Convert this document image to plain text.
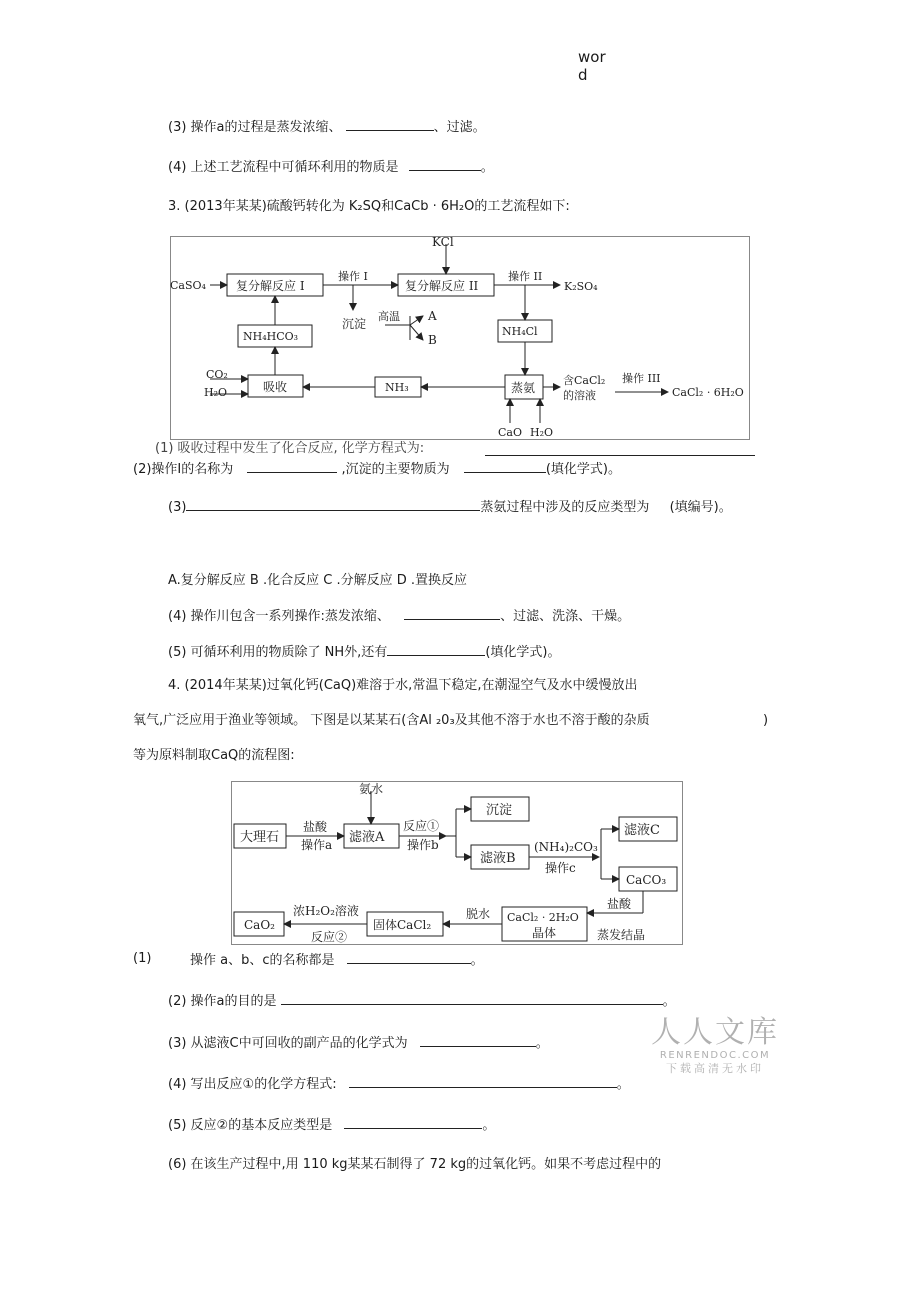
wor
d
(3) 操作a的过程是蒸发浓缩、	、过滤。
(4) 上述工艺流程中可循环利用的物质是	。
3. (2013年某某)硫酸钙转化为 K₂SQ和CaCb · 6H₂O的工艺流程如下:
KCl
CaSO₄	复分解反应 I
操作 I
复分解反应 II
操作 II
K₂SO₄
沉淀
高温 A
B
NH₄HCO₃	NH₄Cl
CO₂
H₂O	吸收	NH₃	蒸氨
含CaCl₂
的溶液
操作 III
CaCl₂ · 6H₂O
CaO H₂O
(1) 吸收过程中发生了化合反应, 化学方程式为:
(2)操作I的名称为	,沉淀的主要物质为	(填化学式)。
(3)	蒸氨过程中涉及的反应类型为 (填编号)。
A.复分解反应 B .化合反应 C .分解反应 D .置换反应
(4) 操作川包含一系列操作:蒸发浓缩、	、过滤、洗涤、干燥。
(5) 可循环利用的物质除了 NH外,还有	(填化学式)。
4. (2014年某某)过氧化钙(CaQ)难溶于水,常温下稳定,在潮湿空气及水中缓慢放出
氧气,广泛应用于渔业等领域。 下图是以某某石(含Al ₂0₃及其他不溶于水也不溶于酸的杂质	)
等为原料制取CaQ的流程图:
氨水
大理石
盐酸
操作a 滤液A
反应①
操作b
沉淀
滤液B
(NH₄)₂CO₃
操作c
滤液C
CaCO₃
CaO₂
浓H₂O₂溶液
反应②
固体CaCl₂
脱水 CaCl₂ · 2H₂O
晶体
盐酸
蒸发结晶
(1)	操作 a、b、c的名称都是	。
(2) 操作a的目的是	。
(3) 从滤液C中可回收的副产品的化学式为	。
(4) 写出反应①的化学方程式:	。
(5) 反应②的基本反应类型是	。
(6) 在该生产过程中,用 110 kg某某石制得了 72 kg的过氧化钙。如果不考虑过程中的
人人文库
RENRENDOC.COM
下载高清无水印
